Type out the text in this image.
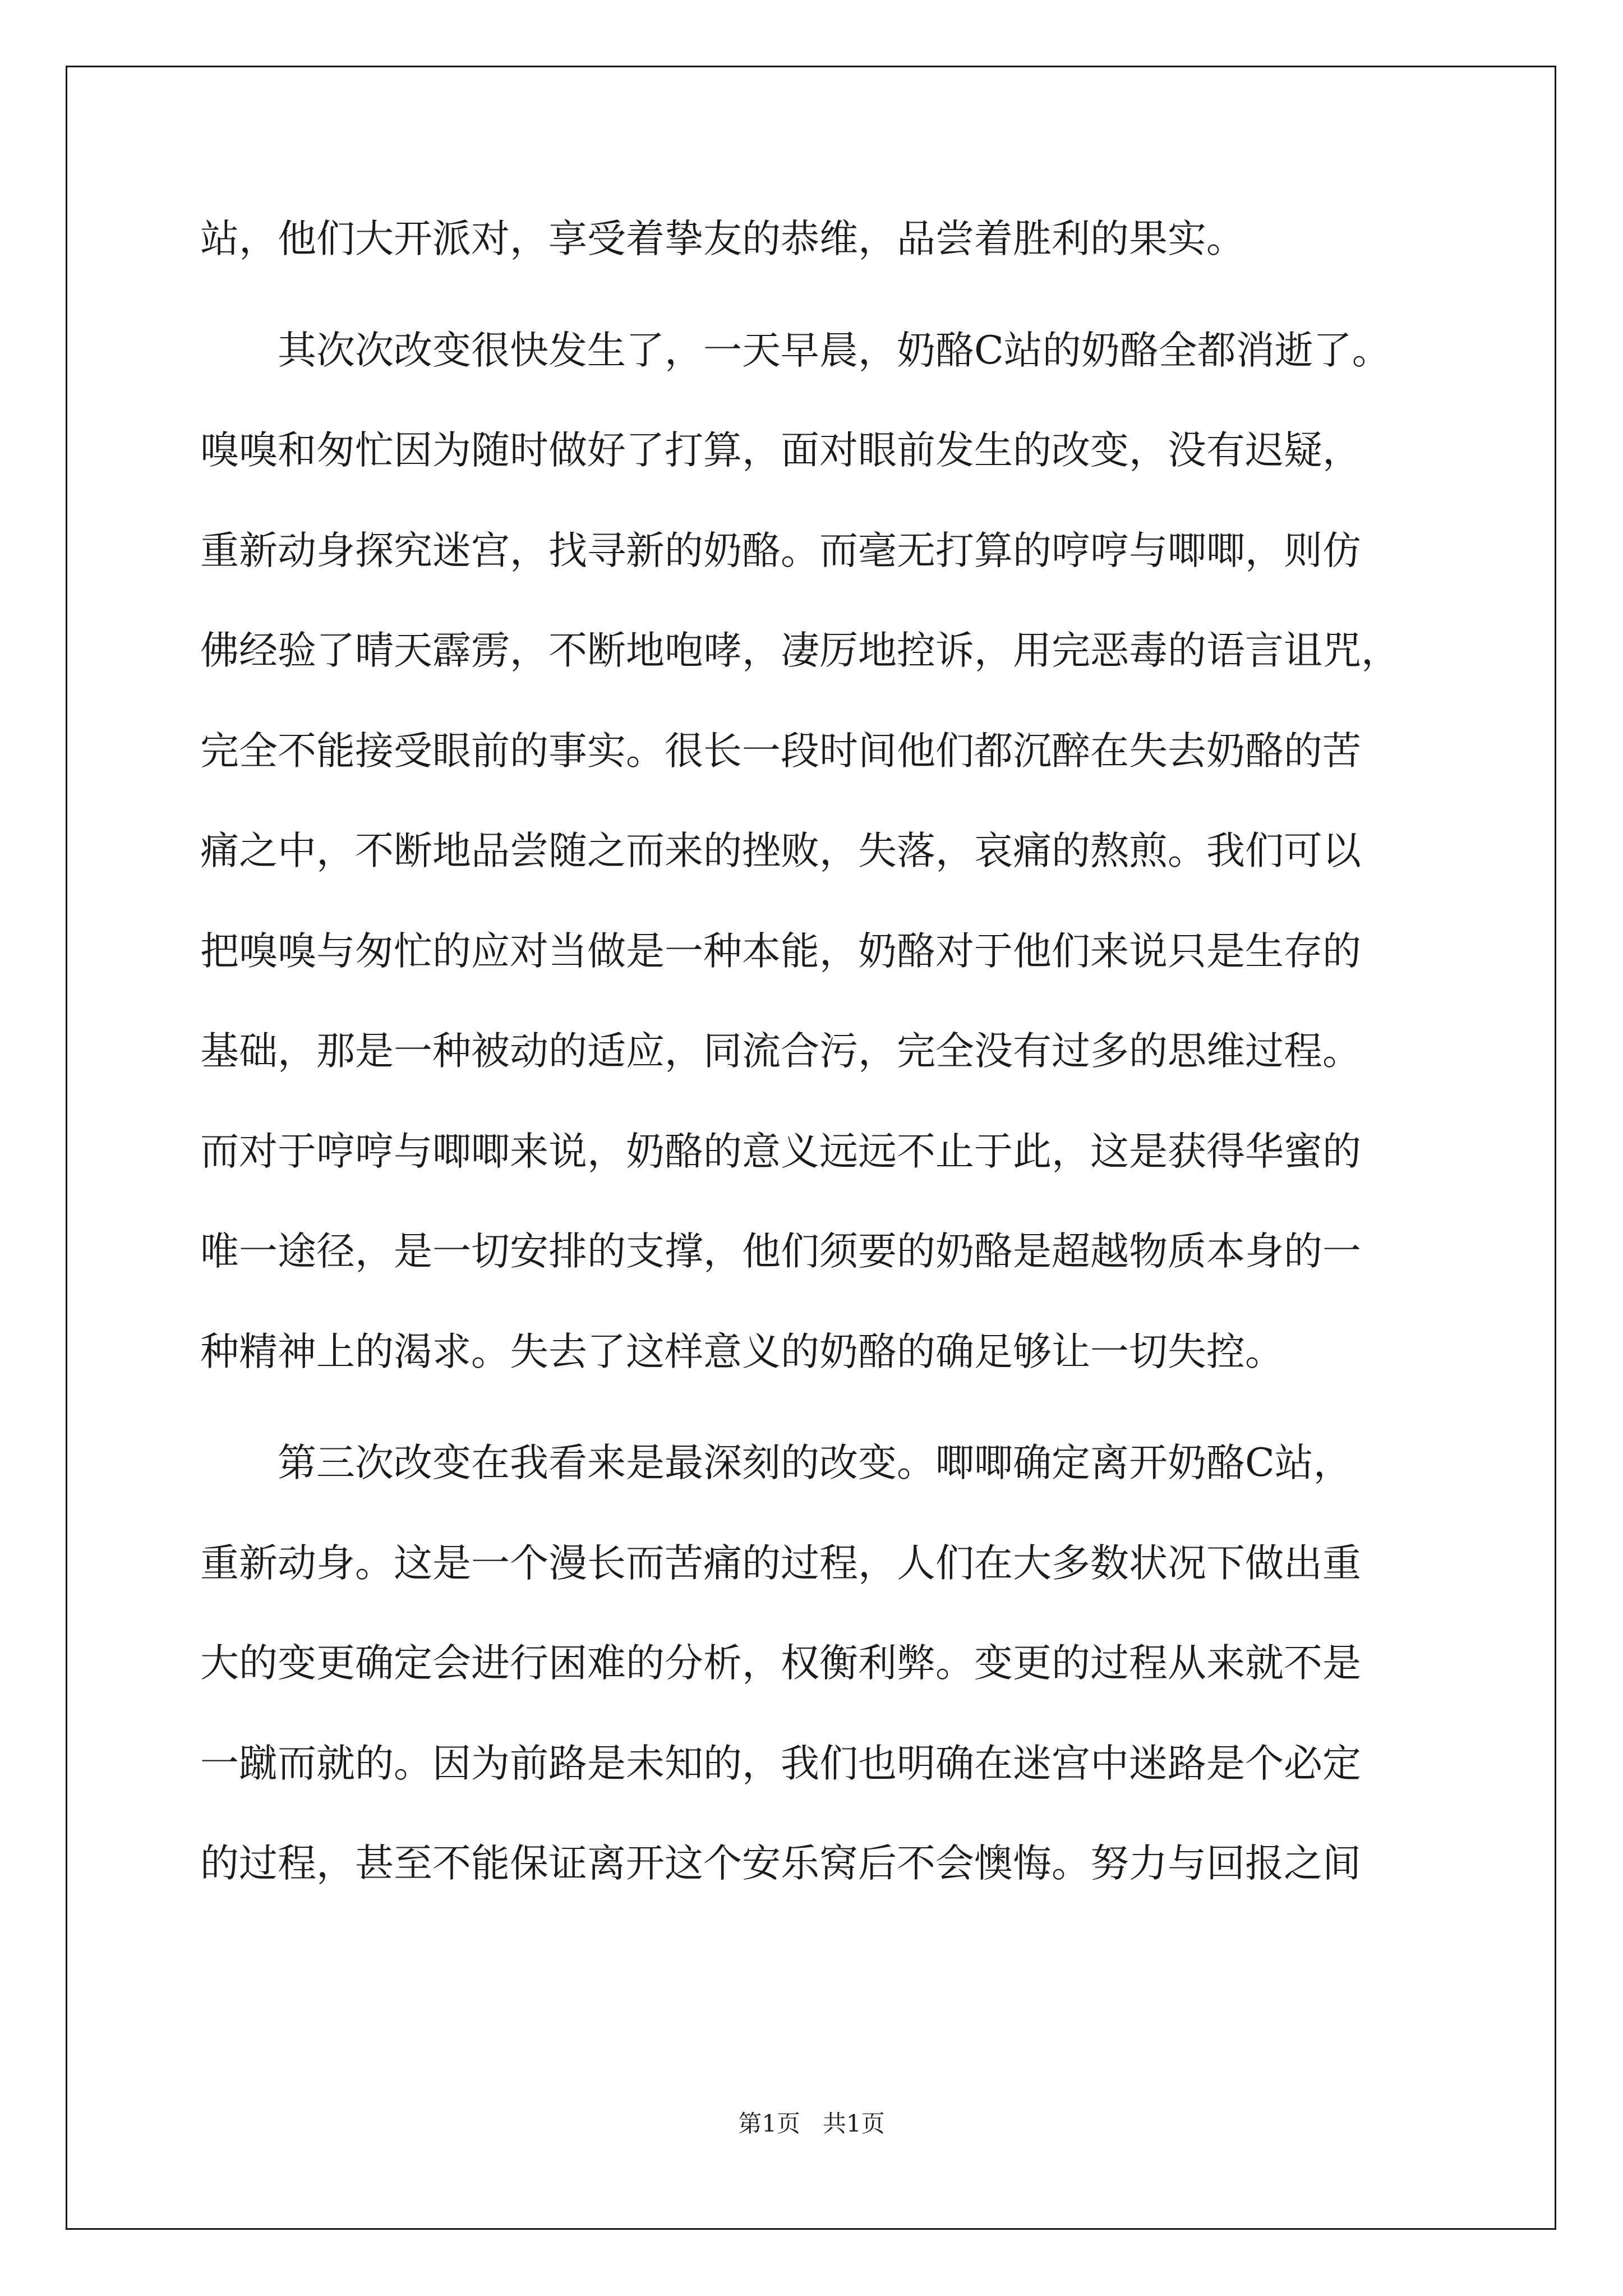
站，他们大开派对，享受着挚友的恭维，品尝着胜利的果实。
其次次改变很快发生了，一天早晨，奶酪C站的奶酪全都消逝了。
嗅嗅和匆忙因为随时做好了打算，面对眼前发生的改变，没有迟疑，
重新动身探究迷宫，找寻新的奶酪。而毫无打算的哼哼与唧唧，则仿
佛经验了晴天霹雳，不断地咆哮，凄厉地控诉，用完恶毒的语言诅咒，
完全不能接受眼前的事实。很长一段时间他们都沉醉在失去奶酪的苦
痛之中，不断地品尝随之而来的挫败，失落，哀痛的熬煎。我们可以
把嗅嗅与匆忙的应对当做是一种本能，奶酪对于他们来说只是生存的
基础，那是一种被动的适应，同流合污，完全没有过多的思维过程。
而对于哼哼与唧唧来说，奶酪的意义远远不止于此，这是获得华蜜的
唯一途径，是一切安排的支撑，他们须要的奶酪是超越物质本身的一
种精神上的渴求。失去了这样意义的奶酪的确足够让一切失控。
第三次改变在我看来是最深刻的改变。唧唧确定离开奶酪C站，
重新动身。这是一个漫长而苦痛的过程，人们在大多数状况下做出重
大的变更确定会进行困难的分析，权衡利弊。变更的过程从来就不是
一蹴而就的。因为前路是未知的，我们也明确在迷宫中迷路是个必定
的过程，甚至不能保证离开这个安乐窝后不会懊悔。努力与回报之间
第1页 共1页
